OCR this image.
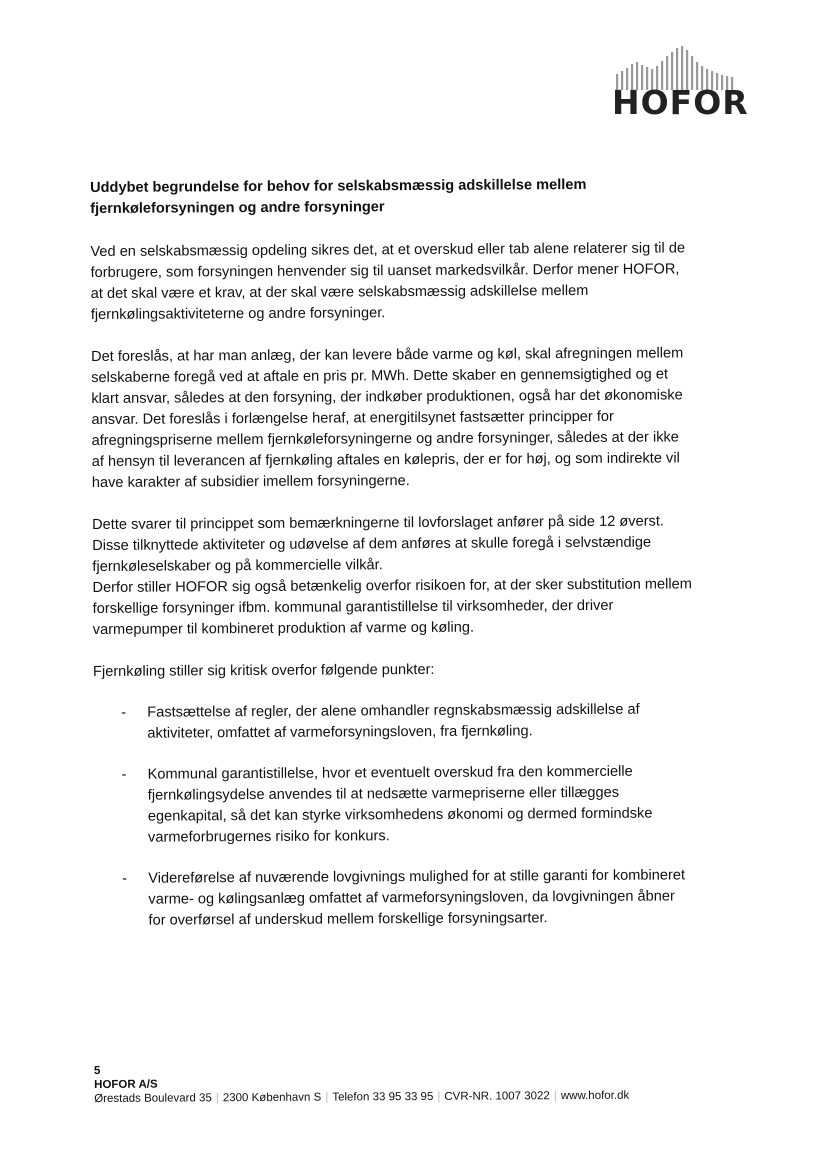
HOFOR
Uddybet begrundelse for behov for selskabsmæssig adskillelse mellem fjernkøleforsyningen og andre forsyninger

Ved en selskabsmæssig opdeling sikres det, at et overskud eller tab alene relaterer sig til de forbrugere, som forsyningen henvender sig til uanset markedsvilkår. Derfor mener HOFOR, at det skal være et krav, at der skal være selskabsmæssig adskillelse mellem fjernkølingsaktiviteterne og andre forsyninger.

Det foreslås, at har man anlæg, der kan levere både varme og køl, skal afregningen mellem selskaberne foregå ved at aftale en pris pr. MWh. Dette skaber en gennemsigtighed og et klart ansvar, således at den forsyning, der indkøber produktionen, også har det økonomiske ansvar. Det foreslås i forlængelse heraf, at energitilsynet fastsætter principper for afregningspriserne mellem fjernkøleforsyningerne og andre forsyninger, således at der ikke af hensyn til leverancen af fjernkøling aftales en kølepris, der er for høj, og som indirekte vil have karakter af subsidier imellem forsyningerne.

Dette svarer til princippet som bemærkningerne til lovforslaget anfører på side 12 øverst. Disse tilknyttede aktiviteter og udøvelse af dem anføres at skulle foregå i selvstændige fjernkøleselskaber og på kommercielle vilkår.

Derfor stiller HOFOR sig også betænkelig overfor risikoen for, at der sker substitution mellem forskellige forsyninger ifbm. kommunal garantistillelse til virksomheder, der driver varmepumper til kombineret produktion af varme og køling.

Fjernkøling stiller sig kritisk overfor følgende punkter:

- Fastsættelse af regler, der alene omhandler regnskabsmæssig adskillelse af aktiviteter, omfattet af varmeforsyningsloven, fra fjernkøling.
- Kommunal garantistillelse, hvor et eventuelt overskud fra den kommercielle fjernkølingsydelse anvendes til at nedsætte varmepriserne eller tillægges egenkapital, så det kan styrke virksomhedens økonomi og dermed formindske varmeforbrugernes risiko for konkurs.
- Videreførelse af nuværende lovgivnings mulighed for at stille garanti for kombineret varme- og kølingsanlæg omfattet af varmeforsyningsloven, da lovgivningen åbner for overførsel af underskud mellem forskellige forsyningsarter.
5
HOFOR A/S
Ørestads Boulevard 35 | 2300 København S | Telefon 33 95 33 95 | CVR-NR. 1007 3022 | www.hofor.dk
